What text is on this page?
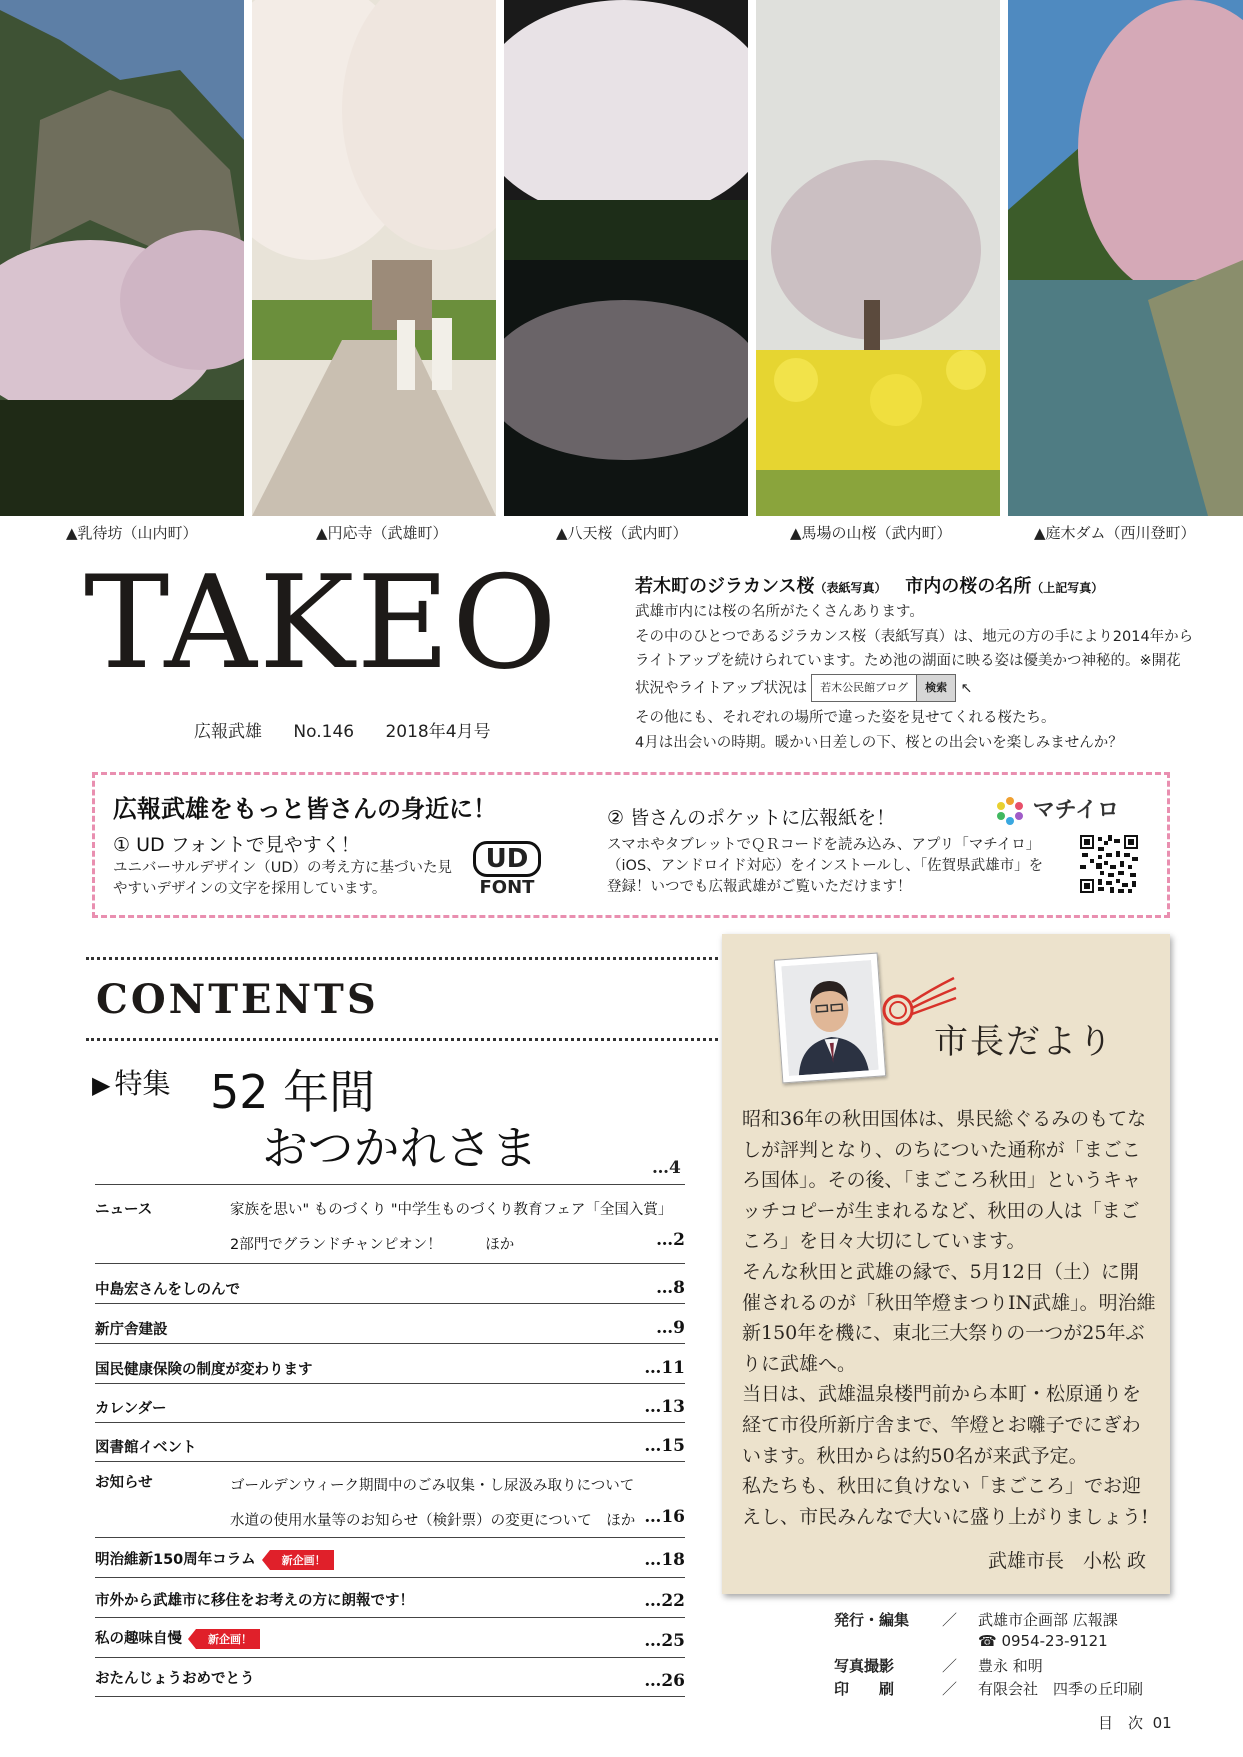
▲乳待坊（山内町）	▲円応寺（武雄町）	▲八天桜（武内町）	▲馬場の山桜（武内町）	▲庭木ダム（西川登町）
TAKEO
広報武雄 No.146 2018年4月号
若木町のジラカンス桜（表紙写真） 市内の桜の名所（上記写真）
武雄市内には桜の名所がたくさんあります。
その中のひとつであるジラカンス桜（表紙写真）は、地元の方の手により2014年からライトアップを続けられています。ため池の湖面に映る姿は優美かつ神秘的。※開花状況やライトアップ状況は 若木公民館ブログ 検索 ↖
その他にも、それぞれの場所で違った姿を見せてくれる桜たち。
4月は出会いの時期。暖かい日差しの下、桜との出会いを楽しみませんか？
広報武雄をもっと皆さんの身近に！
① UD フォントで見やすく！
ユニバーサルデザイン（UD）の考え方に基づいた見やすいデザインの文字を採用しています。
UD
FONT
② 皆さんのポケットに広報紙を！	マチイロ
スマホやタブレットでＱＲコードを読み込み、アプリ「マチイロ」（iOS、アンドロイド対応）をインストールし、「佐賀県武雄市」を登録！いつでも広報武雄がご覧いただけます！
CONTENTS
▶ 特集 52 年間
おつかれさま	…4
ニュース	家族を思い" ものづくり "中学生ものづくり教育フェア「全国入賞」
2部門でグランドチャンピオン！　　　ほか	…2
中島宏さんをしのんで	…8
新庁舎建設	…9
国民健康保険の制度が変わります	…11
カレンダー	…13
図書館イベント	…15
お知らせ	ゴールデンウィーク期間中のごみ収集・し尿汲み取りについて
水道の使用水量等のお知らせ（検針票）の変更について　ほか …16
明治維新150周年コラム 新企画！	…18
市外から武雄市に移住をお考えの方に朗報です！	…22
私の趣味自慢 新企画！	…25
おたんじょうおめでとう	…26
市長だより
昭和36年の秋田国体は、県民総ぐるみのもてなしが評判となり、のちについた通称が「まごころ国体」。その後、「まごころ秋田」というキャッチコピーが生まれるなど、秋田の人は「まごころ」を日々大切にしています。
そんな秋田と武雄の縁で、5月12日（土）に開催されるのが「秋田竿燈まつりIN武雄」。明治維新150年を機に、東北三大祭りの一つが25年ぶりに武雄へ。
当日は、武雄温泉楼門前から本町・松原通りを経て市役所新庁舎まで、竿燈とお囃子でにぎわいます。秋田からは約50名が来武予定。
私たちも、秋田に負けない「まごころ」でお迎えし、市民みんなで大いに盛り上がりましょう!
武雄市長　小松 政
発行・編集 ／ 武雄市企画部 広報課
☎ 0954-23-9121
写真撮影	／ 豊永 和明
印　　刷	／ 有限会社　四季の丘印刷
目　次 01
